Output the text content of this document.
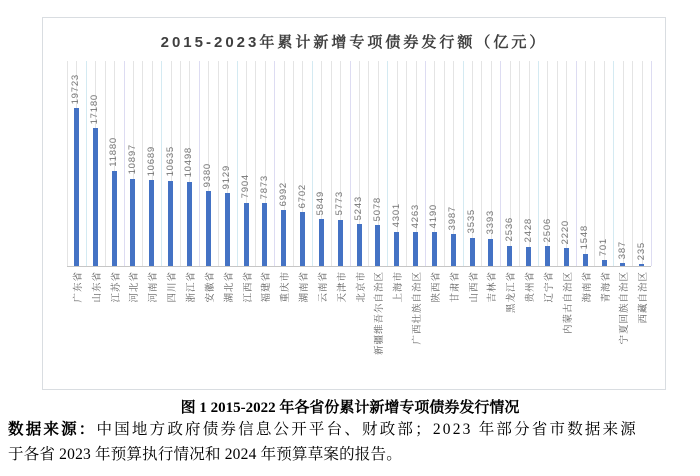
2015-2023年累计新增专项债券发行额（亿元）
19723
广东省
17180
山东省
11880
江苏省
10897
河北省
10689
河南省
10635
四川省
10498
浙江省
9380
安徽省
9129
湖北省
7904
江西省
7873
福建省
6992
重庆市
6702
湖南省
5849
云南省
5773
天津市
5243
北京市
5078
新疆维吾尔自治区
4301
上海市
4263
广西壮族自治区
4190
陕西省
3987
甘肃省
3535
山西省
3393
吉林省
2536
黑龙江省
2428
贵州省
2506
辽宁省
2220
内蒙古自治区
1548
海南省
701
青海省
387
宁夏回族自治区
235
西藏自治区
图 1 2015-2022 年各省份累计新增专项债券发行情况
数据来源：中国地方政府债券信息公开平台、财政部；2023 年部分省市数据来源
于各省 2023 年预算执行情况和 2024 年预算草案的报告。
